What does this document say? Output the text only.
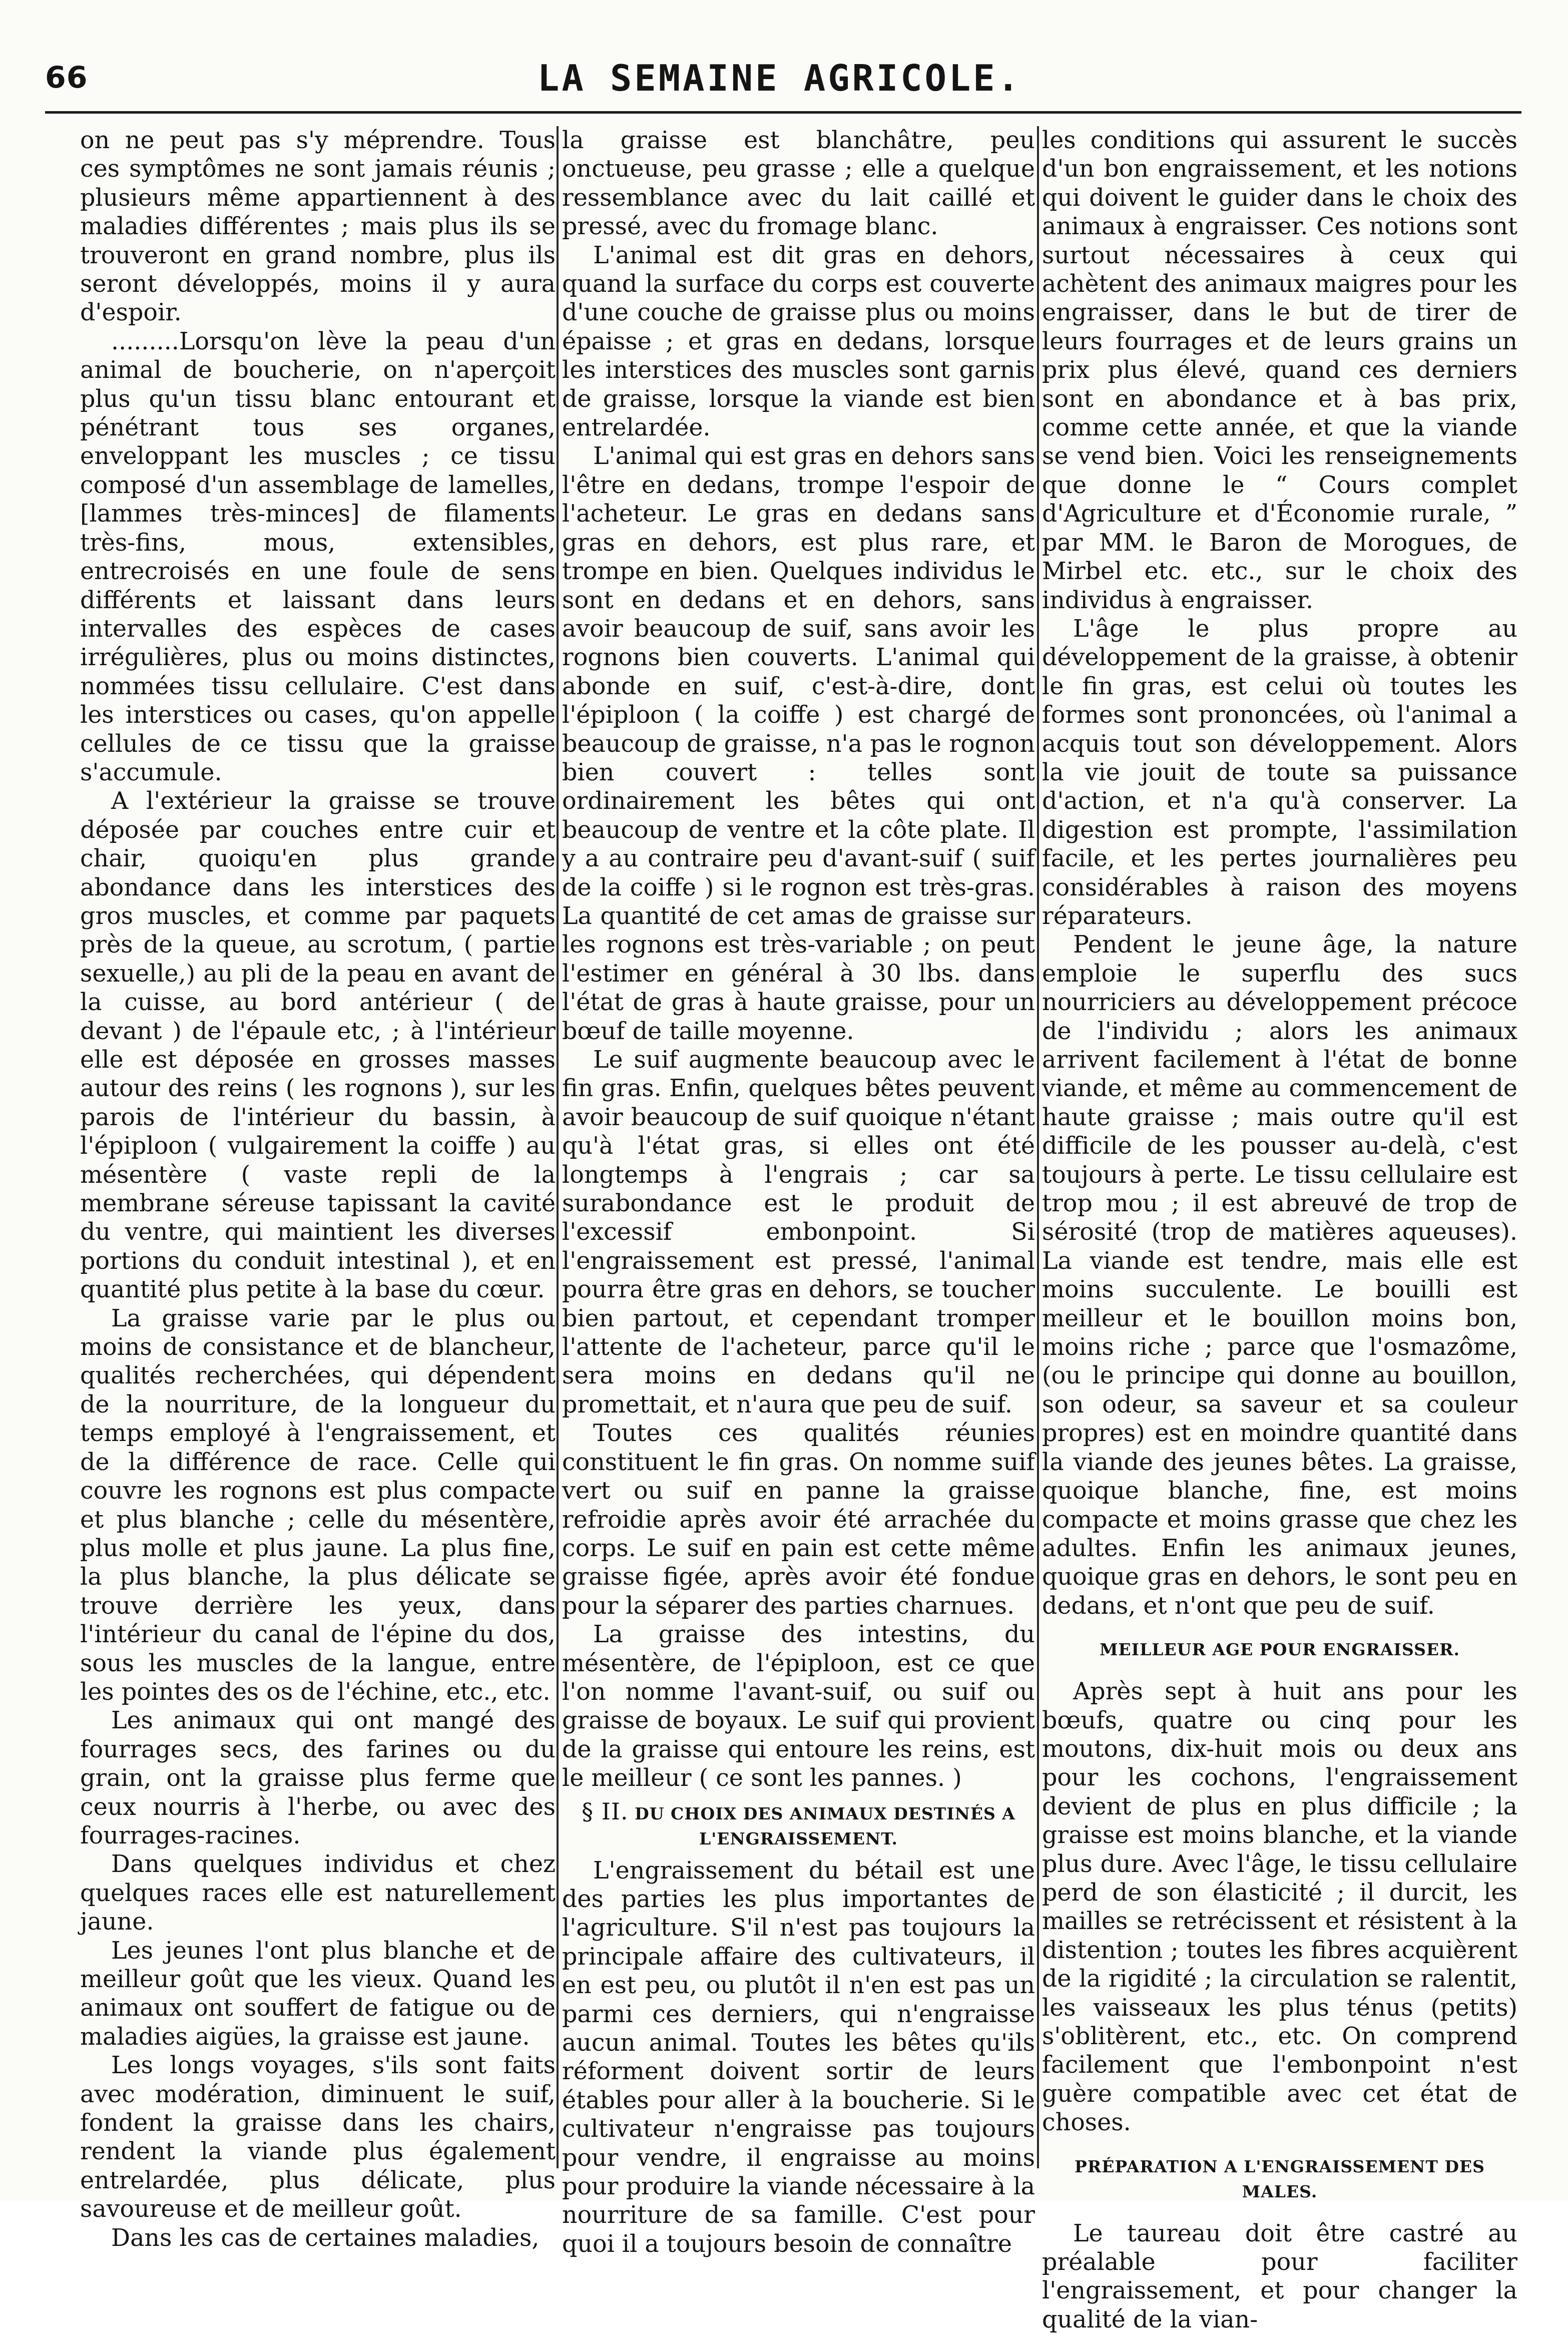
66	LA SEMAINE AGRICOLE.

on ne peut pas s'y méprendre. Tous ces symptômes ne sont jamais réunis ; plusieurs même appartiennent à des maladies différentes ; mais plus ils se trouveront en grand nombre, plus ils seront développés, moins il y aura d'espoir.

.........Lorsqu'on lève la peau d'un animal de boucherie, on n'aperçoit plus qu'un tissu blanc entourant et pénétrant tous ses organes, enveloppant les muscles ; ce tissu composé d'un assemblage de lamelles, [lammes très-minces] de filaments très-fins, mous, extensibles, entrecroisés en une foule de sens différents et laissant dans leurs intervalles des espèces de cases irrégulières, plus ou moins distinctes, nommées tissu cellulaire. C'est dans les interstices ou cases, qu'on appelle cellules de ce tissu que la graisse s'accumule.

A l'extérieur la graisse se trouve déposée par couches entre cuir et chair, quoiqu'en plus grande abondance dans les interstices des gros muscles, et comme par paquets près de la queue, au scrotum, ( partie sexuelle,) au pli de la peau en avant de la cuisse, au bord antérieur ( de devant ) de l'épaule etc, ; à l'intérieur elle est déposée en grosses masses autour des reins ( les rognons ), sur les parois de l'intérieur du bassin, à l'épiploon ( vulgairement la coiffe ) au mésentère ( vaste repli de la membrane séreuse tapissant la cavité du ventre, qui maintient les diverses portions du conduit intestinal ), et en quantité plus petite à la base du cœur.

La graisse varie par le plus ou moins de consistance et de blancheur, qualités recherchées, qui dépendent de la nourriture, de la longueur du temps employé à l'engraissement, et de la différence de race. Celle qui couvre les rognons est plus compacte et plus blanche ; celle du mésentère, plus molle et plus jaune. La plus fine, la plus blanche, la plus délicate se trouve derrière les yeux, dans l'intérieur du canal de l'épine du dos, sous les muscles de la langue, entre les pointes des os de l'échine, etc., etc.

Les animaux qui ont mangé des fourrages secs, des farines ou du grain, ont la graisse plus ferme que ceux nourris à l'herbe, ou avec des fourrages-racines.

Dans quelques individus et chez quelques races elle est naturellement jaune.

Les jeunes l'ont plus blanche et de meilleur goût que les vieux. Quand les animaux ont souffert de fatigue ou de maladies aigües, la graisse est jaune.

Les longs voyages, s'ils sont faits avec modération, diminuent le suif, fondent la graisse dans les chairs, rendent la viande plus également entrelardée, plus délicate, plus savoureuse et de meilleur goût.

Dans les cas de certaines maladies,

la graisse est blanchâtre, peu onctueuse, peu grasse ; elle a quelque ressemblance avec du lait caillé et pressé, avec du fromage blanc.

L'animal est dit gras en dehors, quand la surface du corps est couverte d'une couche de graisse plus ou moins épaisse ; et gras en dedans, lorsque les interstices des muscles sont garnis de graisse, lorsque la viande est bien entrelardée.

L'animal qui est gras en dehors sans l'être en dedans, trompe l'espoir de l'acheteur. Le gras en dedans sans gras en dehors, est plus rare, et trompe en bien. Quelques individus le sont en dedans et en dehors, sans avoir beaucoup de suif, sans avoir les rognons bien couverts. L'animal qui abonde en suif, c'est-à-dire, dont l'épiploon ( la coiffe ) est chargé de beaucoup de graisse, n'a pas le rognon bien couvert : telles sont ordinairement les bêtes qui ont beaucoup de ventre et la côte plate. Il y a au contraire peu d'avant-suif ( suif de la coiffe ) si le rognon est très-gras. La quantité de cet amas de graisse sur les rognons est très-variable ; on peut l'estimer en général à 30 lbs. dans l'état de gras à haute graisse, pour un bœuf de taille moyenne.

Le suif augmente beaucoup avec le fin gras. Enfin, quelques bêtes peuvent avoir beaucoup de suif quoique n'étant qu'à l'état gras, si elles ont été longtemps à l'engrais ; car sa surabondance est le produit de l'excessif embonpoint. Si l'engraissement est pressé, l'animal pourra être gras en dehors, se toucher bien partout, et cependant tromper l'attente de l'acheteur, parce qu'il le sera moins en dedans qu'il ne promettait, et n'aura que peu de suif.

Toutes ces qualités réunies constituent le fin gras. On nomme suif vert ou suif en panne la graisse refroidie après avoir été arrachée du corps. Le suif en pain est cette même graisse figée, après avoir été fondue pour la séparer des parties charnues.

La graisse des intestins, du mésentère, de l'épiploon, est ce que l'on nomme l'avant-suif, ou suif ou graisse de boyaux. Le suif qui provient de la graisse qui entoure les reins, est le meilleur ( ce sont les pannes. )

§ II. DU CHOIX DES ANIMAUX DESTINÉS A L'ENGRAISSEMENT.

L'engraissement du bétail est une des parties les plus importantes de l'agriculture. S'il n'est pas toujours la principale affaire des cultivateurs, il en est peu, ou plutôt il n'en est pas un parmi ces derniers, qui n'engraisse aucun animal. Toutes les bêtes qu'ils réforment doivent sortir de leurs étables pour aller à la boucherie. Si le cultivateur n'engraisse pas toujours pour vendre, il engraisse au moins pour produire la viande nécessaire à la nourriture de sa famille. C'est pour quoi il a toujours besoin de connaître

les conditions qui assurent le succès d'un bon engraissement, et les notions qui doivent le guider dans le choix des animaux à engraisser. Ces notions sont surtout nécessaires à ceux qui achètent des animaux maigres pour les engraisser, dans le but de tirer de leurs fourrages et de leurs grains un prix plus élevé, quand ces derniers sont en abondance et à bas prix, comme cette année, et que la viande se vend bien. Voici les renseignements que donne le “ Cours complet d'Agriculture et d'Économie rurale, ” par MM. le Baron de Morogues, de Mirbel etc. etc., sur le choix des individus à engraisser.

L'âge le plus propre au développement de la graisse, à obtenir le fin gras, est celui où toutes les formes sont prononcées, où l'animal a acquis tout son développement. Alors la vie jouit de toute sa puissance d'action, et n'a qu'à conserver. La digestion est prompte, l'assimilation facile, et les pertes journalières peu considérables à raison des moyens réparateurs.

Pendent le jeune âge, la nature emploie le superflu des sucs nourriciers au développement précoce de l'individu ; alors les animaux arrivent facilement à l'état de bonne viande, et même au commencement de haute graisse ; mais outre qu'il est difficile de les pousser au-delà, c'est toujours à perte. Le tissu cellulaire est trop mou ; il est abreuvé de trop de sérosité (trop de matières aqueuses). La viande est tendre, mais elle est moins succulente. Le bouilli est meilleur et le bouillon moins bon, moins riche ; parce que l'osmazôme, (ou le principe qui donne au bouillon, son odeur, sa saveur et sa couleur propres) est en moindre quantité dans la viande des jeunes bêtes. La graisse, quoique blanche, fine, est moins compacte et moins grasse que chez les adultes. Enfin les animaux jeunes, quoique gras en dehors, le sont peu en dedans, et n'ont que peu de suif.

MEILLEUR AGE POUR ENGRAISSER.

Après sept à huit ans pour les bœufs, quatre ou cinq pour les moutons, dix-huit mois ou deux ans pour les cochons, l'engraissement devient de plus en plus difficile ; la graisse est moins blanche, et la viande plus dure. Avec l'âge, le tissu cellulaire perd de son élasticité ; il durcit, les mailles se retrécissent et résistent à la distention ; toutes les fibres acquièrent de la rigidité ; la circulation se ralentit, les vaisseaux les plus ténus (petits) s'oblitèrent, etc., etc. On comprend facilement que l'embonpoint n'est guère compatible avec cet état de choses.

PRÉPARATION A L'ENGRAISSEMENT DES MALES.

Le taureau doit être castré au préalable pour faciliter l'engraissement, et pour changer la qualité de la vian-
